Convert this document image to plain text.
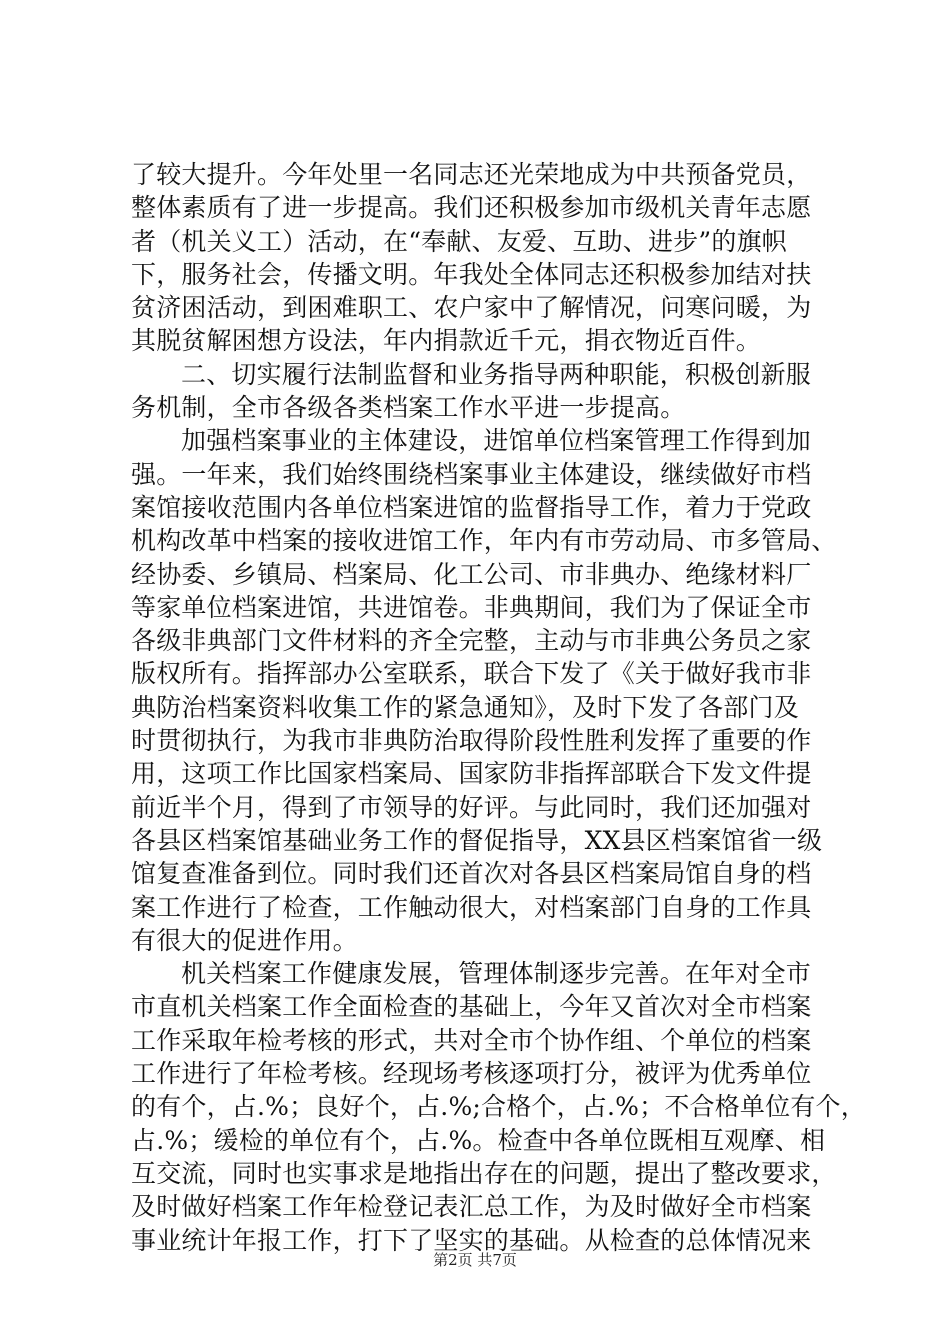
了较大提升。今年处里一名同志还光荣地成为中共预备党员，
整体素质有了进一步提高。我们还积极参加市级机关青年志愿
者（机关义工）活动，在“奉献、友爱、互助、进步”的旗帜
下，服务社会，传播文明。年我处全体同志还积极参加结对扶
贫济困活动，到困难职工、农户家中了解情况，问寒问暖，为
其脱贫解困想方设法，年内捐款近千元，捐衣物近百件。
二、切实履行法制监督和业务指导两种职能，积极创新服
务机制，全市各级各类档案工作水平进一步提高。
加强档案事业的主体建设，进馆单位档案管理工作得到加
强。一年来，我们始终围绕档案事业主体建设，继续做好市档
案馆接收范围内各单位档案进馆的监督指导工作，着力于党政
机构改革中档案的接收进馆工作，年内有市劳动局、市多管局、
经协委、乡镇局、档案局、化工公司、市非典办、绝缘材料厂
等家单位档案进馆，共进馆卷。非典期间，我们为了保证全市
各级非典部门文件材料的齐全完整，主动与市非典公务员之家
版权所有。指挥部办公室联系，联合下发了《关于做好我市非
典防治档案资料收集工作的紧急通知》，及时下发了各部门及
时贯彻执行，为我市非典防治取得阶段性胜利发挥了重要的作
用，这项工作比国家档案局、国家防非指挥部联合下发文件提
前近半个月，得到了市领导的好评。与此同时，我们还加强对
各县区档案馆基础业务工作的督促指导，XX县区档案馆省一级
馆复查准备到位。同时我们还首次对各县区档案局馆自身的档
案工作进行了检查，工作触动很大，对档案部门自身的工作具
有很大的促进作用。
机关档案工作健康发展，管理体制逐步完善。在年对全市
市直机关档案工作全面检查的基础上，今年又首次对全市档案
工作采取年检考核的形式，共对全市个协作组、个单位的档案
工作进行了年检考核。经现场考核逐项打分，被评为优秀单位
的有个，占.%；良好个，占.%;合格个，占.%；不合格单位有个，
占.%；缓检的单位有个，占.%。检查中各单位既相互观摩、相
互交流，同时也实事求是地指出存在的问题，提出了整改要求，
及时做好档案工作年检登记表汇总工作，为及时做好全市档案
事业统计年报工作，打下了坚实的基础。从检查的总体情况来
第2页 共7页
